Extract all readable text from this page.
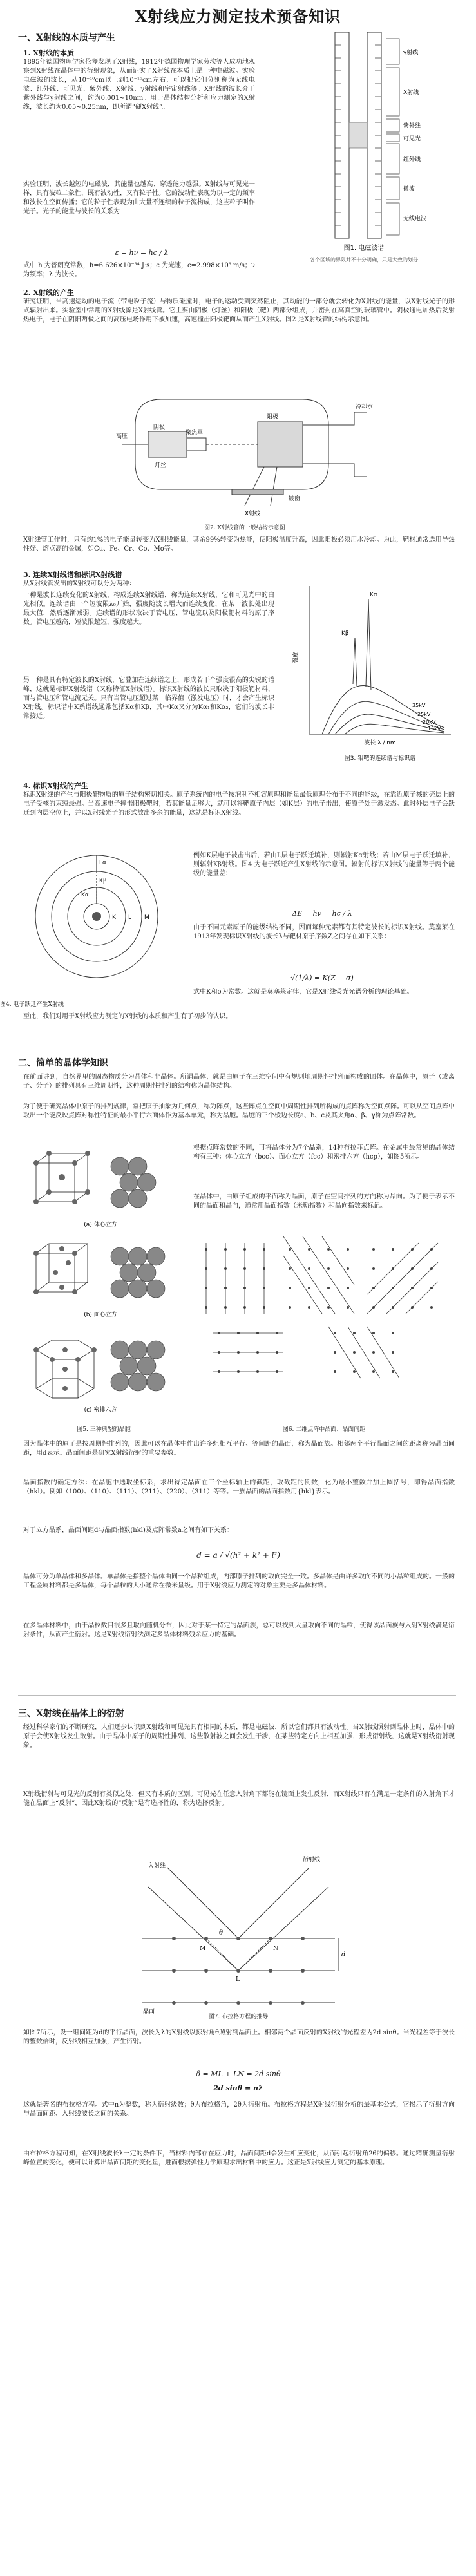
X射线应力测定技术预备知识
一、X射线的本质与产生
1. X射线的本质

1895年德国物理学家伦琴发现了X射线，1912年德国物理学家劳埃等人成功地观察到X射线在晶体中的衍射现象，从而证实了X射线在本质上是一种电磁波。实验电磁波的波长，从10⁻¹⁰cm以上到10⁻¹⁵cm左右，可以把它们分别称为无线电波、红外线、可见光、紫外线、X射线、γ射线和宇宙射线等。X射线的波长介于紫外线与γ射线之间，约为0.001~10nm。用于晶体结构分析和应力测定的X射线，波长约为0.05~0.25nm，即所谓“硬X射线”。

实验证明，波长越短的电磁波，其能量也越高、穿透能力越强。X射线与可见光一样，具有波粒二象性，既有波动性，又有粒子性。它的波动性表现为以一定的频率和波长在空间传播；它的粒子性表现为由大量不连续的粒子流构成，这些粒子叫作光子。光子的能量与波长的关系为

ε = hν = hc / λ

式中 h 为普朗克常数，h=6.626×10⁻³⁴ J·s；c 为光速，c=2.998×10⁸ m/s；ν 为频率；λ 为波长。

γ射线
X射线
紫外线
可见光
红外线
微波
无线电波
图1. 电磁波谱
各个区域的界限并不十分明确，只是大致的划分
2. X射线的产生

研究证明，当高速运动的电子流（带电粒子流）与物质碰撞时，电子的运动受到突然阻止，其动能的一部分就会转化为X射线的能量，以X射线光子的形式辐射出来。实验室中常用的X射线源是X射线管。它主要由阴极（灯丝）和阳极（靶）两部分组成，并密封在高真空的玻璃管中。阴极通电加热后发射热电子，电子在阴阳两极之间的高压电场作用下被加速，高速撞击阳极靶面从而产生X射线。图2 是X射线管的结构示意图。

高压
阴极
阳极
铍窗
聚焦罩
灯丝
X射线
冷却水
图2. X射线管的一般结构示意图

X射线管工作时，只有约1%的电子能量转变为X射线能量，其余99%转变为热能，使阳极温度升高，因此阳极必须用水冷却。为此，靶材通常选用导热性好、熔点高的金属，如Cu、Fe、Cr、Co、Mo等。

3. 连续X射线谱和标识X射线谱

从X射线管发出的X射线可以分为两种：

一种是波长连续变化的X射线，构成连续X射线谱，称为连续X射线，它和可见光中的白光相似。连续谱由一个短波限λ₀开始，强度随波长增大而连续变化，在某一波长处出现最大值，然后逐渐减弱。连续谱的形状取决于管电压、管电流以及阳极靶材料的原子序数。管电压越高，短波限越短，强度越大。

另一种是具有特定波长的X射线，它叠加在连续谱之上，形成若干个强度很高的尖锐的谱峰，这就是标识X射线谱（又称特征X射线谱）。标识X射线的波长只取决于阳极靶材料，而与管电压和管电流无关。只有当管电压超过某一临界值（激发电压）时，才会产生标识X射线。标识谱中K系谱线通常包括Kα和Kβ，其中Kα又分为Kα₁和Kα₂，它们的波长非常接近。

Kα
Kβ
35kV
25kV
20kV
15kV
波长 λ / nm
强度
图3. 钼靶的连续谱与标识谱
4. 标识X射线的产生

标识X射线的产生与阳极靶物质的原子结构密切相关。原子系统内的电子按泡利不相容原理和能量最低原理分布于不同的能级，在靠近原子核的壳层上的电子受核的束缚最强。当高速电子撞击阳极靶时，若其能量足够大，就可以将靶原子内层（如K层）的电子击出，使原子处于激发态。此时外层电子会跃迁到内层空位上，并以X射线光子的形式放出多余的能量，这就是标识X射线。

K L M
Kα
Kβ
Lα
图4. 电子跃迁产生X射线

例如K层电子被击出后，若由L层电子跃迁填补，则辐射Kα射线；若由M层电子跃迁填补，则辐射Kβ射线。图4 为电子跃迁产生X射线的示意图。辐射的标识X射线的能量等于两个能级的能量差：

ΔE = hν = hc / λ

由于不同元素原子的能级结构不同，因而每种元素都有其特定波长的标识X射线。莫塞莱在1913年发现标识X射线的波长λ与靶材原子序数Z之间存在如下关系：

√(1/λ) = K(Z − σ)

式中K和σ为常数。这就是莫塞莱定律，它是X射线荧光光谱分析的理论基础。

至此，我们对用于X射线应力测定的X射线的本质和产生有了初步的认识。

二、简单的晶体学知识

在前面讲到，自然界里的固态物质分为晶体和非晶体。所谓晶体，就是由原子在三维空间中有规则地周期性排列而构成的固体。在晶体中，原子（或离子、分子）的排列具有三维周期性，这种周期性排列的结构称为晶体结构。

为了便于研究晶体中原子的排列规律，常把原子抽象为几何点，称为阵点，这些阵点在空间中周期性排列所构成的点阵称为空间点阵。可以从空间点阵中取出一个能反映点阵对称性特征的最小平行六面体作为基本单元，称为晶胞。晶胞的三个棱边长度a、b、c及其夹角α、β、γ称为点阵常数。

(a) 体心立方
(b) 面心立方
(c) 密排六方

根据点阵常数的不同，可将晶体分为7个晶系，14种布拉菲点阵。在金属中最常见的晶体结构有三种：体心立方（bcc）、面心立方（fcc）和密排六方（hcp），如图5所示。

在晶体中，由原子组成的平面称为晶面，原子在空间排列的方向称为晶向。为了便于表示不同的晶面和晶向，通常用晶面指数（米勒指数）和晶向指数来标记。

图5. 三种典型的晶胞	图6. 二维点阵中晶面、晶面间距

因为晶体中的原子是按周期性排列的，因此可以在晶体中作出许多组相互平行、等间距的晶面，称为晶面族。相邻两个平行晶面之间的距离称为晶面间距，用d表示。晶面间距是研究X射线衍射的重要参数。

晶面指数的确定方法：在晶胞中选取坐标系，求出待定晶面在三个坐标轴上的截距，取截距的倒数，化为最小整数并加上圆括号，即得晶面指数（hkl）。例如（100）、（110）、（111）、（211）、（220）、（311）等等。一族晶面的晶面指数用{hkl}表示。

对于立方晶系，晶面间距d与晶面指数(hkl)及点阵常数a之间有如下关系：

d = a / √(h² + k² + l²)

晶体可分为单晶体和多晶体。单晶体是指整个晶体由同一个晶粒组成，内部原子排列的取向完全一致。多晶体是由许多取向不同的小晶粒组成的。一般的工程金属材料都是多晶体，每个晶粒的大小通常在微米量级。用于X射线应力测定的对象主要是多晶体材料。

在多晶体材料中，由于晶粒数目很多且取向随机分布，因此对于某一特定的晶面族，总可以找到大量取向不同的晶粒，使得该晶面族与入射X射线满足衍射条件，从而产生衍射。这是X射线衍射法测定多晶体材料残余应力的基础。

三、X射线在晶体上的衍射

经过科学家们的不断研究，人们逐步认识到X射线和可见光具有相同的本质，都是电磁波，所以它们都具有波动性。当X射线照射到晶体上时，晶体中的原子会使X射线发生散射。由于晶体中原子的周期性排列，这些散射波之间会发生干涉，在某些特定方向上相互加强，形成衍射线，这就是X射线衍射现象。

X射线衍射与可见光的反射有类似之处，但又有本质的区别。可见光在任意入射角下都能在镜面上发生反射，而X射线只有在满足一定条件的入射角下才能在晶面上“反射”，因此X射线的“反射”是有选择性的，称为选择反射。

入射线
衍射线
θ
d
M
L
N
晶面
图7. 布拉格方程的推导

如图7所示，设一组间距为d的平行晶面，波长为λ的X射线以掠射角θ照射到晶面上。相邻两个晶面反射的X射线的光程差为2d sinθ。当光程差等于波长的整数倍时，反射线相互加强，产生衍射。

δ = ML + LN = 2d sinθ
2d sinθ = nλ

这就是著名的布拉格方程。式中n为整数，称为衍射级数；θ为布拉格角，2θ为衍射角。布拉格方程是X射线衍射分析的最基本公式，它揭示了衍射方向与晶面间距、入射线波长之间的关系。

由布拉格方程可知，在X射线波长λ一定的条件下，当材料内部存在应力时，晶面间距d会发生相应变化，从而引起衍射角2θ的偏移。通过精确测量衍射峰位置的变化，便可以计算出晶面间距的变化量，进而根据弹性力学原理求出材料中的应力。这正是X射线应力测定的基本原理。
